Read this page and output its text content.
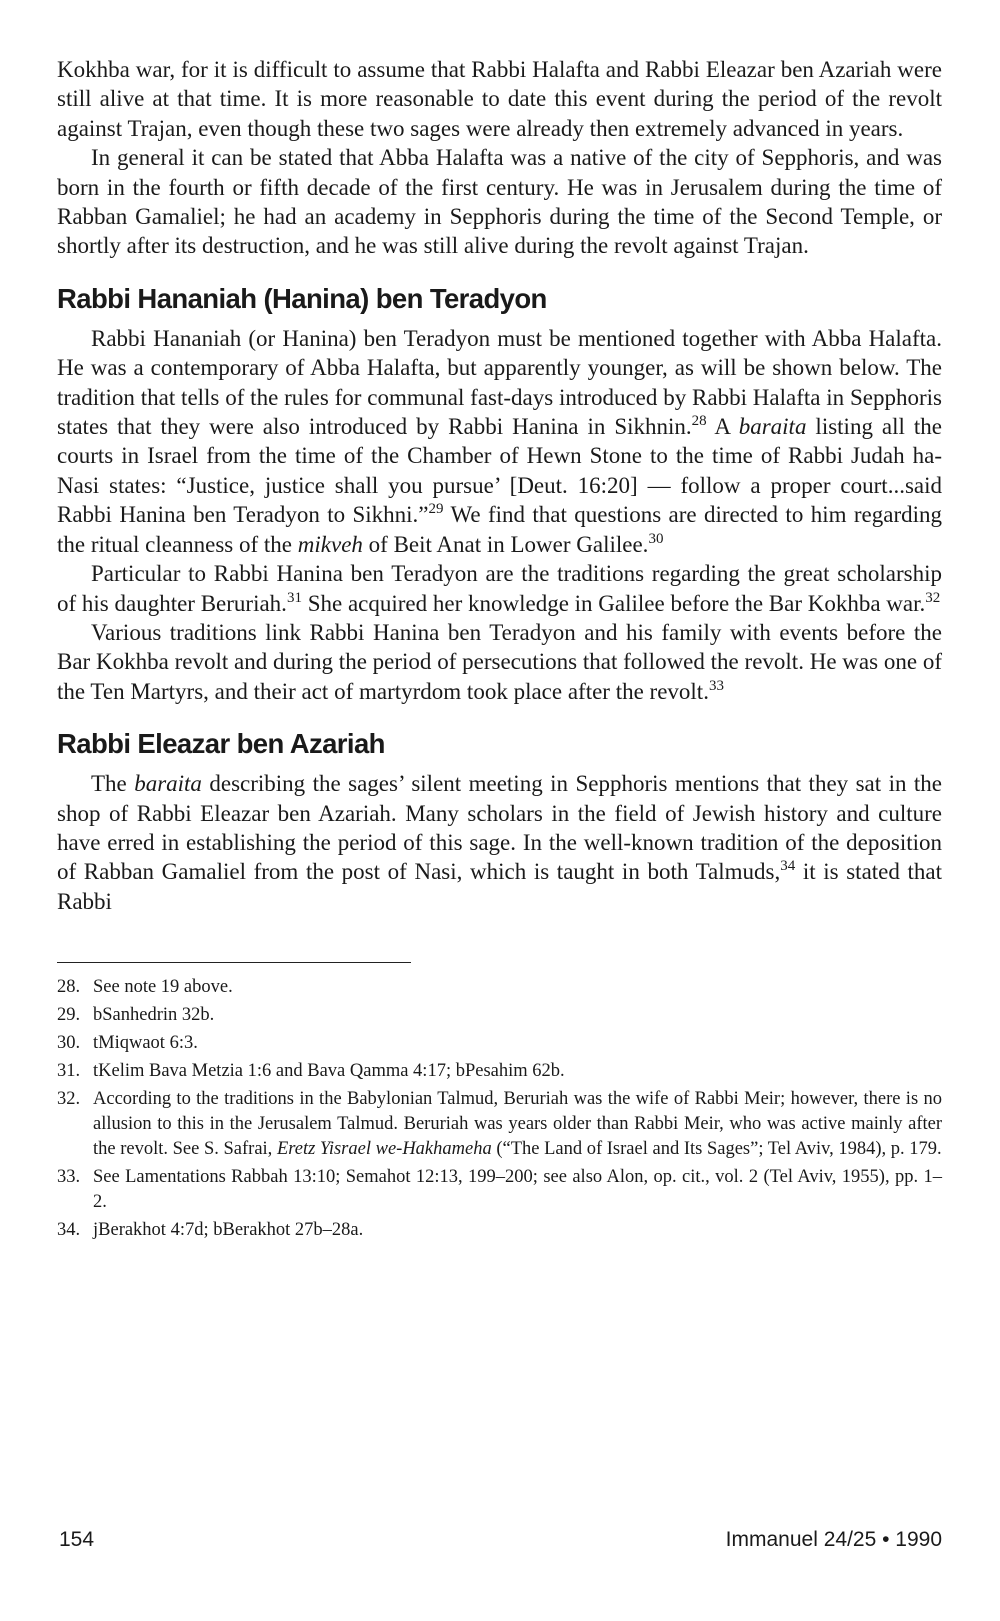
Kokhba war, for it is difficult to assume that Rabbi Halafta and Rabbi Eleazar ben Azariah were still alive at that time. It is more reasonable to date this event during the period of the revolt against Trajan, even though these two sages were already then extremely advanced in years.

In general it can be stated that Abba Halafta was a native of the city of Sepphoris, and was born in the fourth or fifth decade of the first century. He was in Jerusalem during the time of Rabban Gamaliel; he had an academy in Sepphoris during the time of the Second Temple, or shortly after its destruction, and he was still alive during the revolt against Trajan.

Rabbi Hananiah (Hanina) ben Teradyon

Rabbi Hananiah (or Hanina) ben Teradyon must be mentioned together with Abba Halafta. He was a contemporary of Abba Halafta, but apparently younger, as will be shown below. The tradition that tells of the rules for communal fast-days introduced by Rabbi Halafta in Sepphoris states that they were also introduced by Rabbi Hanina in Sikhnin.$^{28}$ A baraita listing all the courts in Israel from the time of the Chamber of Hewn Stone to the time of Rabbi Judah ha-Nasi states: “Justice, justice shall you pursue’ [Deut. 16:20] — follow a proper court...said Rabbi Hanina ben Teradyon to Sikhni.”$^{29}$ We find that questions are directed to him regarding the ritual cleanness of the mikveh of Beit Anat in Lower Galilee.$^{30}$

Particular to Rabbi Hanina ben Teradyon are the traditions regarding the great scholarship of his daughter Beruriah.$^{31}$ She acquired her knowledge in Galilee before the Bar Kokhba war.$^{32}$

Various traditions link Rabbi Hanina ben Teradyon and his family with events before the Bar Kokhba revolt and during the period of persecutions that followed the revolt. He was one of the Ten Martyrs, and their act of martyrdom took place after the revolt.$^{33}$

Rabbi Eleazar ben Azariah

The baraita describing the sages’ silent meeting in Sepphoris mentions that they sat in the shop of Rabbi Eleazar ben Azariah. Many scholars in the field of Jewish history and culture have erred in establishing the period of this sage. In the well-known tradition of the deposition of Rabban Gamaliel from the post of Nasi, which is taught in both Talmuds,$^{34}$ it is stated that Rabbi

28. See note 19 above.
29. bSanhedrin 32b.
30. tMiqwaot 6:3.
31. tKelim Bava Metzia 1:6 and Bava Qamma 4:17; bPesahim 62b.
32. According to the traditions in the Babylonian Talmud, Beruriah was the wife of Rabbi Meir; however, there is no allusion to this in the Jerusalem Talmud. Beruriah was years older than Rabbi Meir, who was active mainly after the revolt. See S. Safrai, Eretz Yisrael we-Hakhameha (“The Land of Israel and Its Sages”; Tel Aviv, 1984), p. 179.
33. See Lamentations Rabbah 13:10; Semahot 12:13, 199–200; see also Alon, op. cit., vol. 2 (Tel Aviv, 1955), pp. 1–2.
34. jBerakhot 4:7d; bBerakhot 27b–28a.
154	Immanuel 24/25 • 1990
